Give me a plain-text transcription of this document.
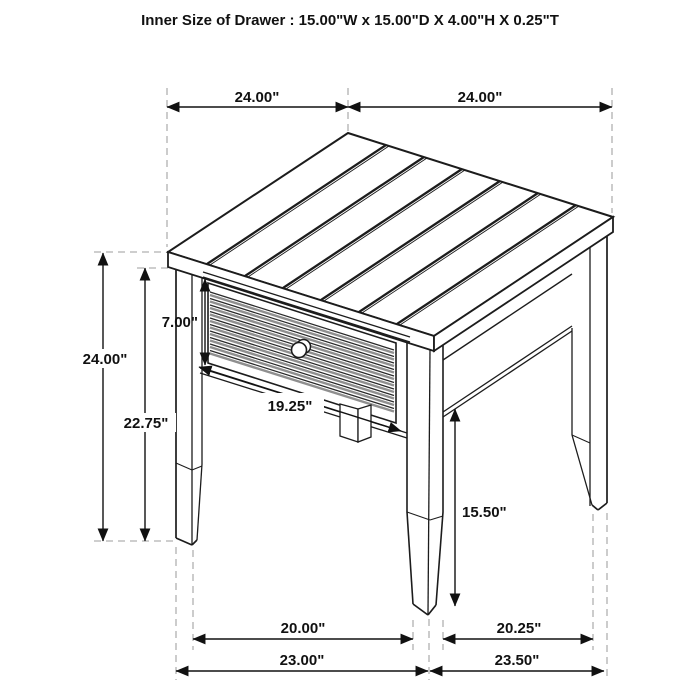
Inner Size of Drawer : 15.00"W x 15.00"D X 4.00"H X 0.25"T
24.00"	24.00"
24.00"
22.75"
7.00"
19.25"
15.50"
20.00"	20.25"
23.00"	23.50"
